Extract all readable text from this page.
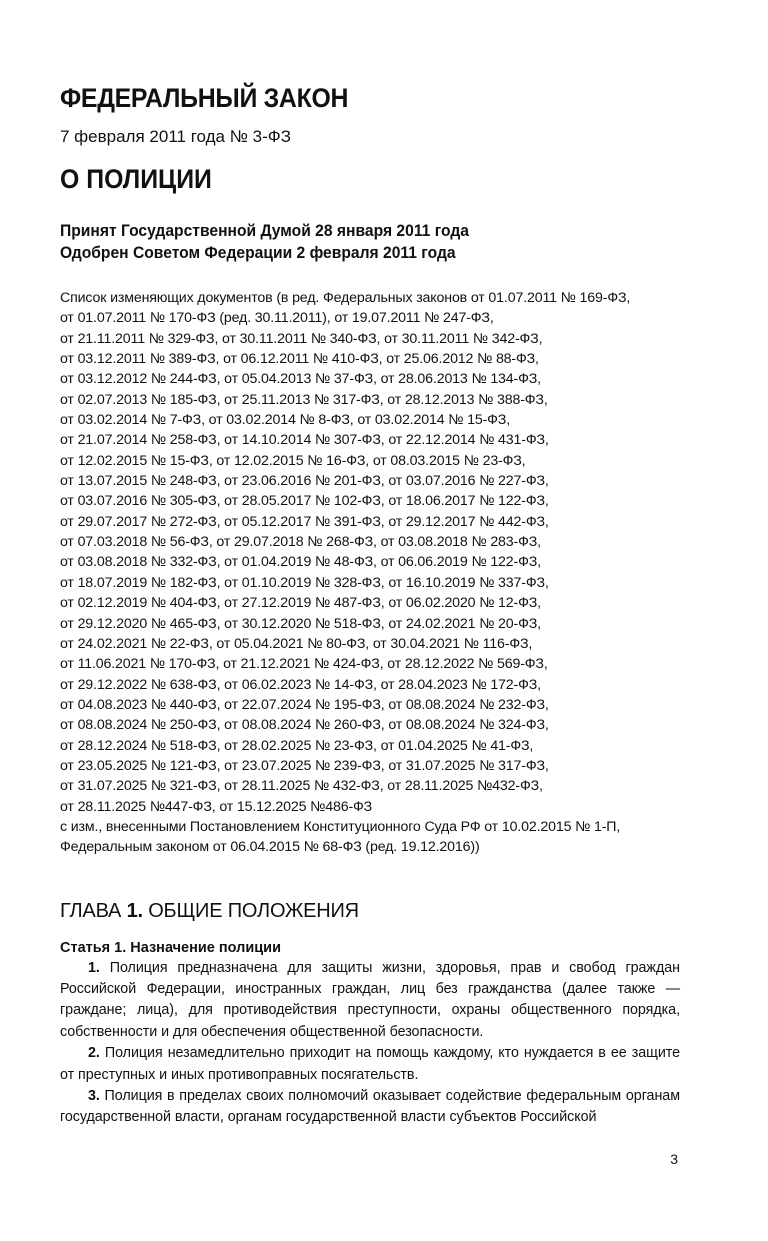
ФЕДЕРАЛЬНЫЙ ЗАКОН
7 февраля 2011 года № 3-ФЗ
О ПОЛИЦИИ
Принят Государственной Думой 28 января 2011 года
Одобрен Советом Федерации 2 февраля 2011 года
Список изменяющих документов (в ред. Федеральных законов от 01.07.2011 № 169-ФЗ,
от 01.07.2011 № 170-ФЗ (ред. 30.11.2011), от 19.07.2011 № 247-ФЗ,
от 21.11.2011 № 329-ФЗ, от 30.11.2011 № 340-ФЗ, от 30.11.2011 № 342-ФЗ,
от 03.12.2011 № 389-ФЗ, от 06.12.2011 № 410-ФЗ, от 25.06.2012 № 88-ФЗ,
от 03.12.2012 № 244-ФЗ, от 05.04.2013 № 37-ФЗ, от 28.06.2013 № 134-ФЗ,
от 02.07.2013 № 185-ФЗ, от 25.11.2013 № 317-ФЗ, от 28.12.2013 № 388-ФЗ,
от 03.02.2014 № 7-ФЗ, от 03.02.2014 № 8-ФЗ, от 03.02.2014 № 15-ФЗ,
от 21.07.2014 № 258-ФЗ, от 14.10.2014 № 307-ФЗ, от 22.12.2014 № 431-ФЗ,
от 12.02.2015 № 15-ФЗ, от 12.02.2015 № 16-ФЗ, от 08.03.2015 № 23-ФЗ,
от 13.07.2015 № 248-ФЗ, от 23.06.2016 № 201-ФЗ, от 03.07.2016 № 227-ФЗ,
от 03.07.2016 № 305-ФЗ, от 28.05.2017 № 102-ФЗ, от 18.06.2017 № 122-ФЗ,
от 29.07.2017 № 272-ФЗ, от 05.12.2017 № 391-ФЗ, от 29.12.2017 № 442-ФЗ,
от 07.03.2018 № 56-ФЗ, от 29.07.2018 № 268-ФЗ, от 03.08.2018 № 283-ФЗ,
от 03.08.2018 № 332-ФЗ, от 01.04.2019 № 48-ФЗ, от 06.06.2019 № 122-ФЗ,
от 18.07.2019 № 182-ФЗ, от 01.10.2019 № 328-ФЗ, от 16.10.2019 № 337-ФЗ,
от 02.12.2019 № 404-ФЗ, от 27.12.2019 № 487-ФЗ, от 06.02.2020 № 12-ФЗ,
от 29.12.2020 № 465-ФЗ, от 30.12.2020 № 518-ФЗ, от 24.02.2021 № 20-ФЗ,
от 24.02.2021 № 22-ФЗ, от 05.04.2021 № 80-ФЗ, от 30.04.2021 № 116-ФЗ,
от 11.06.2021 № 170-ФЗ, от 21.12.2021 № 424-ФЗ, от 28.12.2022 № 569-ФЗ,
от 29.12.2022 № 638-ФЗ, от 06.02.2023 № 14-ФЗ, от 28.04.2023 № 172-ФЗ,
от 04.08.2023 № 440-ФЗ, от 22.07.2024 № 195-ФЗ, от 08.08.2024 № 232-ФЗ,
от 08.08.2024 № 250-ФЗ, от 08.08.2024 № 260-ФЗ, от 08.08.2024 № 324-ФЗ,
от 28.12.2024 № 518-ФЗ, от 28.02.2025 № 23-ФЗ, от 01.04.2025 № 41-ФЗ,
от 23.05.2025 № 121-ФЗ, от 23.07.2025 № 239-ФЗ, от 31.07.2025 № 317-ФЗ,
от 31.07.2025 № 321-ФЗ, от 28.11.2025 № 432-ФЗ, от 28.11.2025 №432-ФЗ,
от 28.11.2025 №447-ФЗ, от 15.12.2025 №486-ФЗ
с изм., внесенными Постановлением Конституционного Суда РФ от 10.02.2015 № 1-П,
Федеральным законом от 06.04.2015 № 68-ФЗ (ред. 19.12.2016))
ГЛАВА 1. ОБЩИЕ ПОЛОЖЕНИЯ
Статья 1. Назначение полиции
1. Полиция предназначена для защиты жизни, здоровья, прав и свобод граждан Российской Федерации, иностранных граждан, лиц без гражданства (далее также — граждане; лица), для противодействия преступности, охраны общественного порядка, собственности и для обеспечения общественной безопасности.
2. Полиция незамедлительно приходит на помощь каждому, кто нуждается в ее защите от преступных и иных противоправных посягательств.
3. Полиция в пределах своих полномочий оказывает содействие федеральным органам государственной власти, органам государственной власти субъектов Российской
3
